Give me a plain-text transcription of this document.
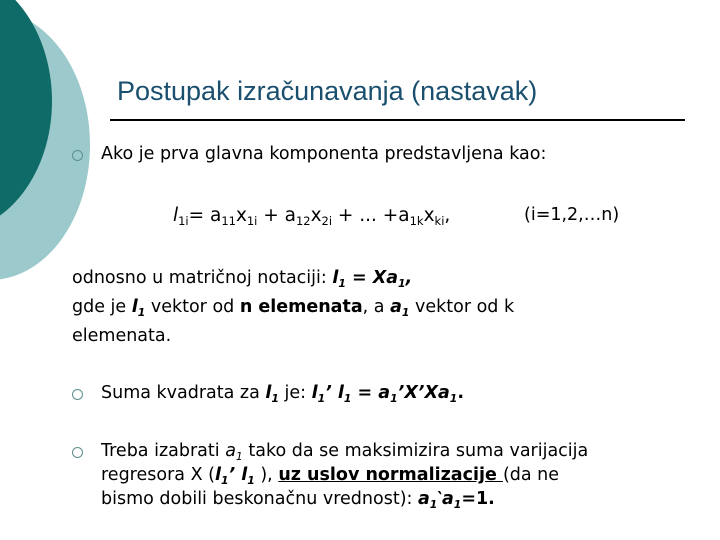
Postupak izračunavanja (nastavak)
Ako je prva glavna komponenta predstavljena kao:
$l_{1i}= a_{11}x_{1i} + a_{12}x_{2i}$ + ... $+a_{1k}x_{ki}$,	(i=1,2,…n)
odnosno u matričnoj notaciji: $l_1 = Xa_1$,
gde je $l_1$ vektor od n elemenata, a $a_1$ vektor od k
elemenata.
Suma kvadrata za $l_1$ je: $l_1$’ $l_1$ = $a_1’X’Xa_1$.
Treba izabrati $a_1$ tako da se maksimizira suma varijacija
regresora X ($l_1$’ $l_1$ ), uz uslov normalizacije (da ne
bismo dobili beskonačnu vrednost): $a_1‵a_1=1$.
